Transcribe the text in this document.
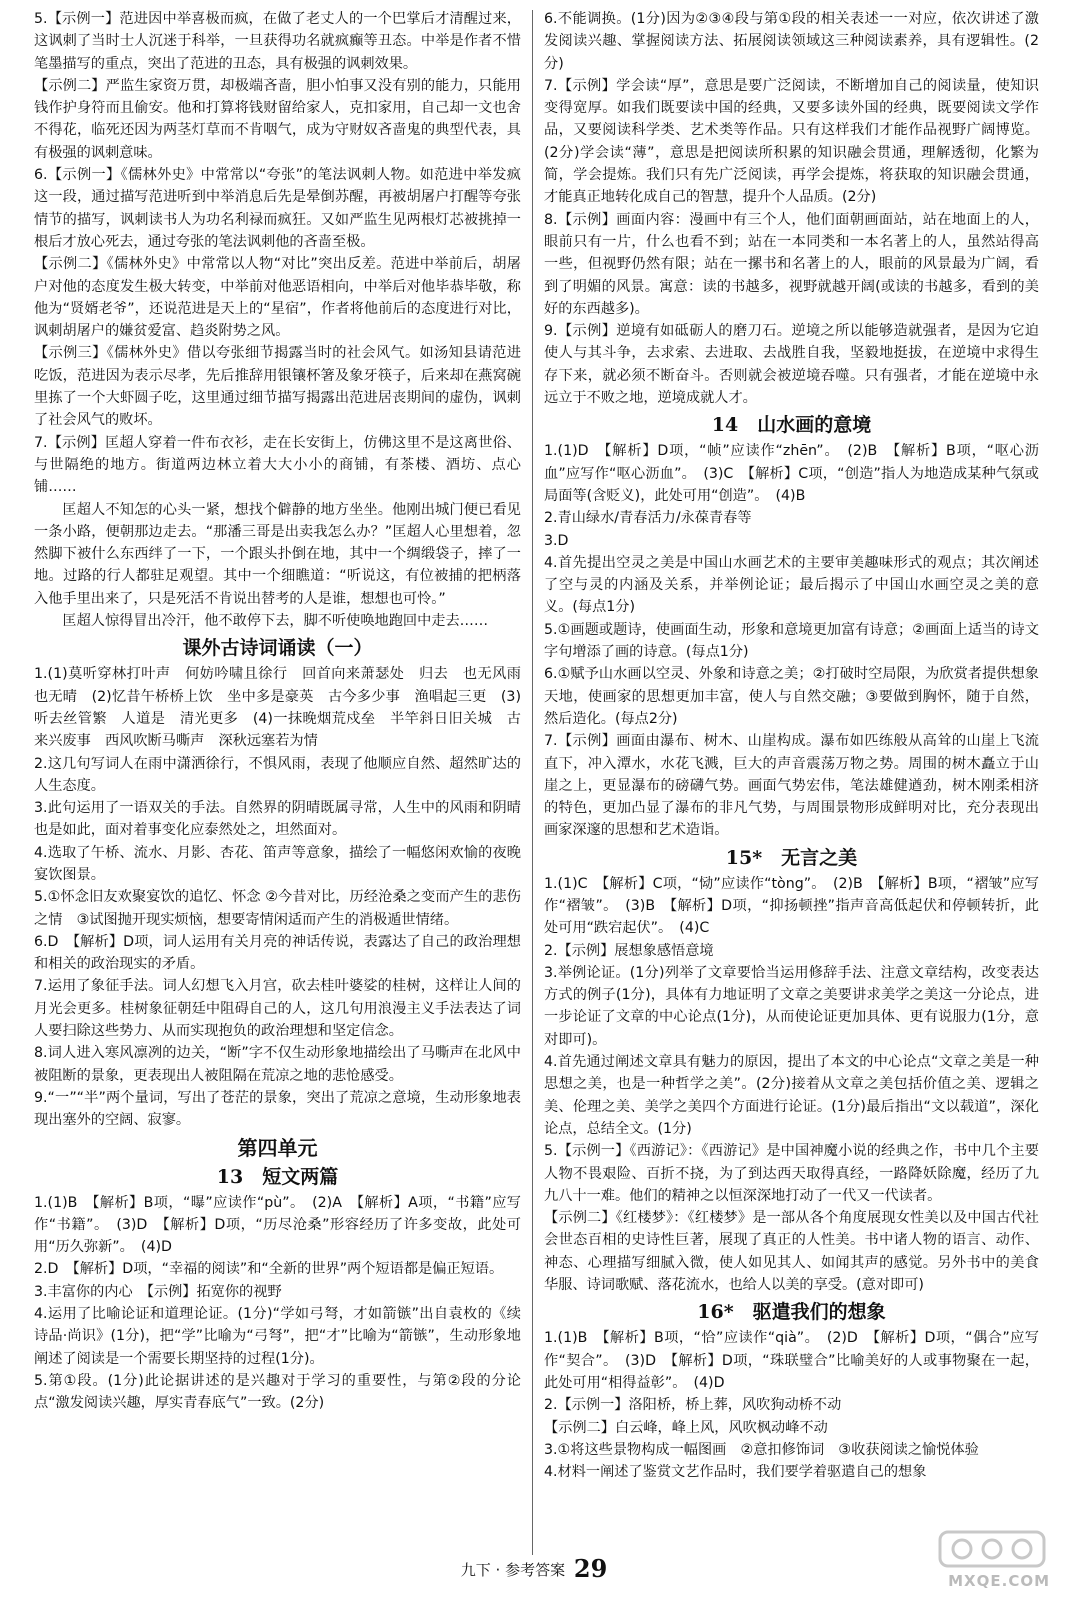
5.【示例一】范进因中举喜极而疯，在做了老丈人的一个巴掌后才清醒过来，这讽刺了当时士人沉迷于科举，一旦获得功名就疯癫等丑态。中举是作者不惜笔墨描写的重点，突出了范进的丑态，具有极强的讽刺效果。
【示例二】严监生家资万贯，却极端吝啬，胆小怕事又没有别的能力，只能用钱作护身符而且偷安。他和打算将钱财留给家人，克扣家用，自己却一文也舍不得花，临死还因为两茎灯草而不肯咽气，成为守财奴吝啬鬼的典型代表，具有极强的讽刺意味。
6.【示例一】《儒林外史》中常常以“夸张”的笔法讽刺人物。如范进中举发疯这一段，通过描写范进听到中举消息后先是晕倒苏醒，再被胡屠户打醒等夸张情节的描写，讽刺读书人为功名利禄而疯狂。又如严监生见两根灯芯被挑掉一根后才放心死去，通过夸张的笔法讽刺他的吝啬至极。
【示例二】《儒林外史》中常常以人物“对比”突出反差。范进中举前后，胡屠户对他的态度发生极大转变，中举前对他恶语相向，中举后对他毕恭毕敬，称他为“贤婿老爷”，还说范进是天上的“星宿”，作者将他前后的态度进行对比，讽刺胡屠户的嫌贫爱富、趋炎附势之风。
【示例三】《儒林外史》借以夸张细节揭露当时的社会风气。如汤知县请范进吃饭，范进因为表示尽孝，先后推辞用银镶杯箸及象牙筷子，后来却在燕窝碗里拣了一个大虾圆子吃，这里通过细节描写揭露出范进居丧期间的虚伪，讽刺了社会风气的败坏。
7.【示例】匡超人穿着一件布衣衫，走在长安街上，仿佛这里不是这离世俗、与世隔绝的地方。街道两边林立着大大小小的商铺，有茶楼、酒坊、点心铺……
匡超人不知怎的心头一紧，想找个僻静的地方坐坐。他刚出城门便已看见一条小路，便朝那边走去。“那潘三哥是出卖我怎么办？”匡超人心里想着，忽然脚下被什么东西绊了一下，一个跟头扑倒在地，其中一个绸缎袋子，摔了一地。过路的行人都驻足观望。其中一个细瞧道：“听说这，有位被捕的把柄落入他手里出来了，只是死活不肯说出替考的人是谁，想想也可怜。”
匡超人惊得冒出冷汗，他不敢停下去，脚不听使唤地跑回中走去……
课外古诗词诵读（一）
1.(1)莫听穿林打叶声　何妨吟啸且徐行　回首向来萧瑟处　归去　也无风雨也无晴　(2)忆昔午桥桥上饮　坐中多是豪英　古今多少事　渔唱起三更　(3)听去丝管繁　人道是　清光更多　(4)一抹晚烟荒戍垒　半竿斜日旧关城　古来兴废事　西风吹断马嘶声　深秋远塞若为情
2.这几句写词人在雨中潇洒徐行，不惧风雨，表现了他顺应自然、超然旷达的人生态度。
3.此句运用了一语双关的手法。自然界的阴晴既属寻常，人生中的风雨和阴晴也是如此，面对着事变化应泰然处之，坦然面对。
4.选取了午桥、流水、月影、杏花、笛声等意象，描绘了一幅悠闲欢愉的夜晚宴饮图景。
5.①怀念旧友欢聚宴饮的追忆、怀念 ②今昔对比，历经沧桑之变而产生的悲伤之情　③试图抛开现实烦恼，想要寄情闲适而产生的消极遁世情绪。
6.D　【解析】D项，词人运用有关月亮的神话传说，表露达了自己的政治理想和相关的政治现实的矛盾。
7.运用了象征手法。词人幻想飞入月宫，砍去桂叶婆娑的桂树，这样让人间的月光会更多。桂树象征朝廷中阻碍自己的人，这几句用浪漫主义手法表达了词人要扫除这些势力、从而实现抱负的政治理想和坚定信念。
8.词人进入寒风凛冽的边关，“断”字不仅生动形象地描绘出了马嘶声在北风中被阻断的景象，更表现出人被阻隔在荒凉之地的悲怆感受。
9.“一”“半”两个量词，写出了苍茫的景象，突出了荒凉之意境，生动形象地表现出塞外的空阔、寂寥。
第四单元
13　短文两篇
1.(1)B　【解析】B项，“曝”应读作“pù”。　(2)A　【解析】A项，“书籍”应写作“书籍”。　(3)D　【解析】D项，“历尽沧桑”形容经历了许多变故，此处可用“历久弥新”。　(4)D
2.D　【解析】D项，“幸福的阅读”和“全新的世界”两个短语都是偏正短语。
3.丰富你的内心　【示例】拓宽你的视野
4.运用了比喻论证和道理论证。(1分)“学如弓弩，才如箭镞”出自袁枚的《续诗品·尚识》(1分)，把“学”比喻为“弓弩”，把“才”比喻为“箭镞”，生动形象地阐述了阅读是一个需要长期坚持的过程(1分)。
5.第①段。(1分)此论据讲述的是兴趣对于学习的重要性，与第②段的分论点“激发阅读兴趣，厚实青春底气”一致。(2分)
6.不能调换。(1分)因为②③④段与第①段的相关表述一一对应，依次讲述了激发阅读兴趣、掌握阅读方法、拓展阅读领域这三种阅读素养，具有逻辑性。(2分)
7.【示例】学会读“厚”，意思是要广泛阅读，不断增加自己的阅读量，使知识变得宽厚。如我们既要读中国的经典，又要多读外国的经典，既要阅读文学作品，又要阅读科学类、艺术类等作品。只有这样我们才能作品视野广阔博览。(2分)学会读“薄”，意思是把阅读所积累的知识融会贯通，理解透彻，化繁为简，学会提炼。我们只有先广泛阅读，再学会提炼，将获取的知识融会贯通，才能真正地转化成自己的智慧，提升个人品质。(2分)
8.【示例】画面内容：漫画中有三个人，他们面朝画面站，站在地面上的人，眼前只有一片，什么也看不到；站在一本同类和一本名著上的人，虽然站得高一些，但视野仍然有限；站在一摞书和名著上的人，眼前的风景最为广阔，看到了明媚的风景。寓意：读的书越多，视野就越开阔(或读的书越多，看到的美好的东西越多)。
9.【示例】逆境有如砥砺人的磨刀石。逆境之所以能够造就强者，是因为它迫使人与其斗争，去求索、去进取、去战胜自我，坚毅地挺拔，在逆境中求得生存下来，就必须不断奋斗。否则就会被逆境吞噬。只有强者，才能在逆境中永远立于不败之地，逆境成就人才。
14　山水画的意境
1.(1)D　【解析】D项，“帧”应读作“zhēn”。　(2)B　【解析】B项，“呕心沥血”应写作“呕心沥血”。　(3)C　【解析】C项，“创造”指人为地造成某种气氛或局面等(含贬义)，此处可用“创造”。　(4)B
2.青山绿水/青春活力/永葆青春等
3.D
4.首先提出空灵之美是中国山水画艺术的主要审美趣味形式的观点；其次阐述了空与灵的内涵及关系，并举例论证；最后揭示了中国山水画空灵之美的意义。(每点1分)
5.①画题或题诗，使画面生动，形象和意境更加富有诗意；②画面上适当的诗文字句增添了画的诗意。(每点1分)
6.①赋予山水画以空灵、外象和诗意之美；②打破时空局限，为欣赏者提供想象天地，使画家的思想更加丰富，使人与自然交融；③要做到胸怀，随于自然，然后造化。(每点2分)
7.【示例】画面由瀑布、树木、山崖构成。瀑布如匹练般从高耸的山崖上飞流直下，冲入潭水，水花飞溅，巨大的声音震荡万物之势。周围的树木矗立于山崖之上，更显瀑布的磅礴气势。画面气势宏伟，笔法雄健遒劲，树木刚柔相济的特色，更加凸显了瀑布的非凡气势，与周围景物形成鲜明对比，充分表现出画家深邃的思想和艺术造诣。
15*　无言之美
1.(1)C　【解析】C项，“恸”应读作“tòng”。　(2)B　【解析】B项，“褶皱”应写作“褶皱”。　(3)B　【解析】D项，“抑扬顿挫”指声音高低起伏和停顿转折，此处可用“跌宕起伏”。　(4)C
2.【示例】展想象感悟意境
3.举例论证。(1分)列举了文章要恰当运用修辞手法、注意文章结构，改变表达方式的例子(1分)，具体有力地证明了文章之美要讲求美学之美这一分论点，进一步论证了文章的中心论点(1分)，从而使论证更加具体、更有说服力(1分，意对即可)。
4.首先通过阐述文章具有魅力的原因，提出了本文的中心论点“文章之美是一种思想之美，也是一种哲学之美”。(2分)接着从文章之美包括价值之美、逻辑之美、伦理之美、美学之美四个方面进行论证。(1分)最后指出“文以载道”，深化论点，总结全文。(1分)
5.【示例一】《西游记》：《西游记》是中国神魔小说的经典之作，书中几个主要人物不畏艰险、百折不挠，为了到达西天取得真经，一路降妖除魔，经历了九九八十一难。他们的精神之以恒深深地打动了一代又一代读者。
【示例二】《红楼梦》：《红楼梦》是一部从各个角度展现女性美以及中国古代社会世态百相的史诗性巨著，展现了真正的人性美。书中诸人物的语言、动作、神态、心理描写细腻入微，使人如见其人、如闻其声的感觉。另外书中的美食华服、诗词歌赋、落花流水，也给人以美的享受。(意对即可)
16*　驱遣我们的想象
1.(1)B　【解析】B项，“恰”应读作“qià”。　(2)D　【解析】D项，“偶合”应写作“契合”。　(3)D　【解析】D项，“珠联璧合”比喻美好的人或事物聚在一起，此处可用“相得益彰”。　(4)D
2.【示例一】洛阳桥，桥上葬，风吹狗动桥不动
【示例二】白云峰，峰上风，风吹枫动峰不动
3.①将这些景物构成一幅图画　②意扣修饰词　③收获阅读之愉悦体验
4.材料一阐述了鉴赏文艺作品时，我们要学着驱遣自己的想象
九下 · 参考答案 29	MXQE.COM
